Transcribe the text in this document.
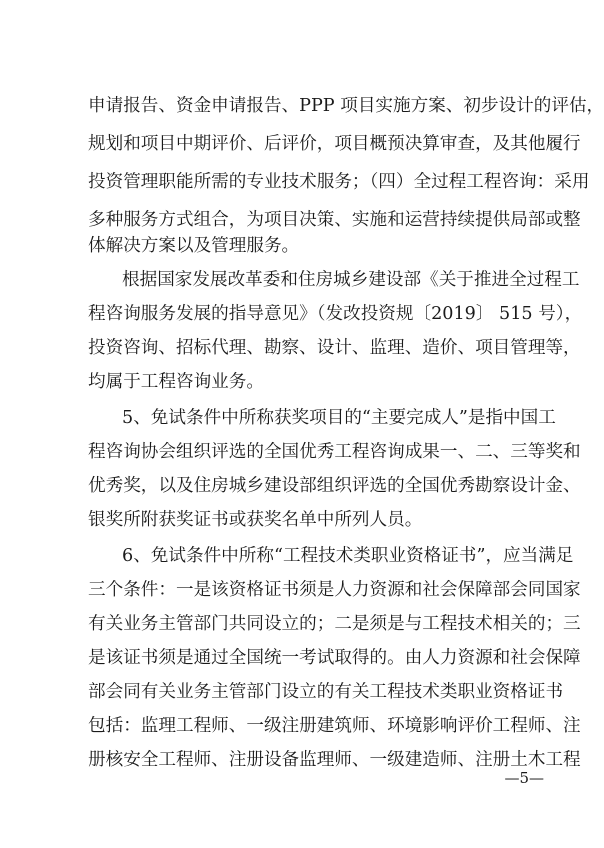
申请报告、资金申请报告、PPP 项目实施方案、初步设计的评估，
规划和项目中期评价、后评价，项目概预决算审查，及其他履行
投资管理职能所需的专业技术服务；（四）全过程工程咨询：采用
多种服务方式组合，为项目决策、实施和运营持续提供局部或整
体解决方案以及管理服务。
根据国家发展改革委和住房城乡建设部《关于推进全过程工
程咨询服务发展的指导意见》（发改投资规〔2019〕 515 号），
投资咨询、招标代理、勘察、设计、监理、造价、项目管理等，
均属于工程咨询业务。
5、免试条件中所称获奖项目的“主要完成人”是指中国工
程咨询协会组织评选的全国优秀工程咨询成果一、二、三等奖和
优秀奖，以及住房城乡建设部组织评选的全国优秀勘察设计金、
银奖所附获奖证书或获奖名单中所列人员。
6、免试条件中所称“工程技术类职业资格证书”，应当满足
三个条件：一是该资格证书须是人力资源和社会保障部会同国家
有关业务主管部门共同设立的；二是须是与工程技术相关的；三
是该证书须是通过全国统一考试取得的。由人力资源和社会保障
部会同有关业务主管部门设立的有关工程技术类职业资格证书
包括：监理工程师、一级注册建筑师、环境影响评价工程师、注
册核安全工程师、注册设备监理师、一级建造师、注册土木工程
—5—
